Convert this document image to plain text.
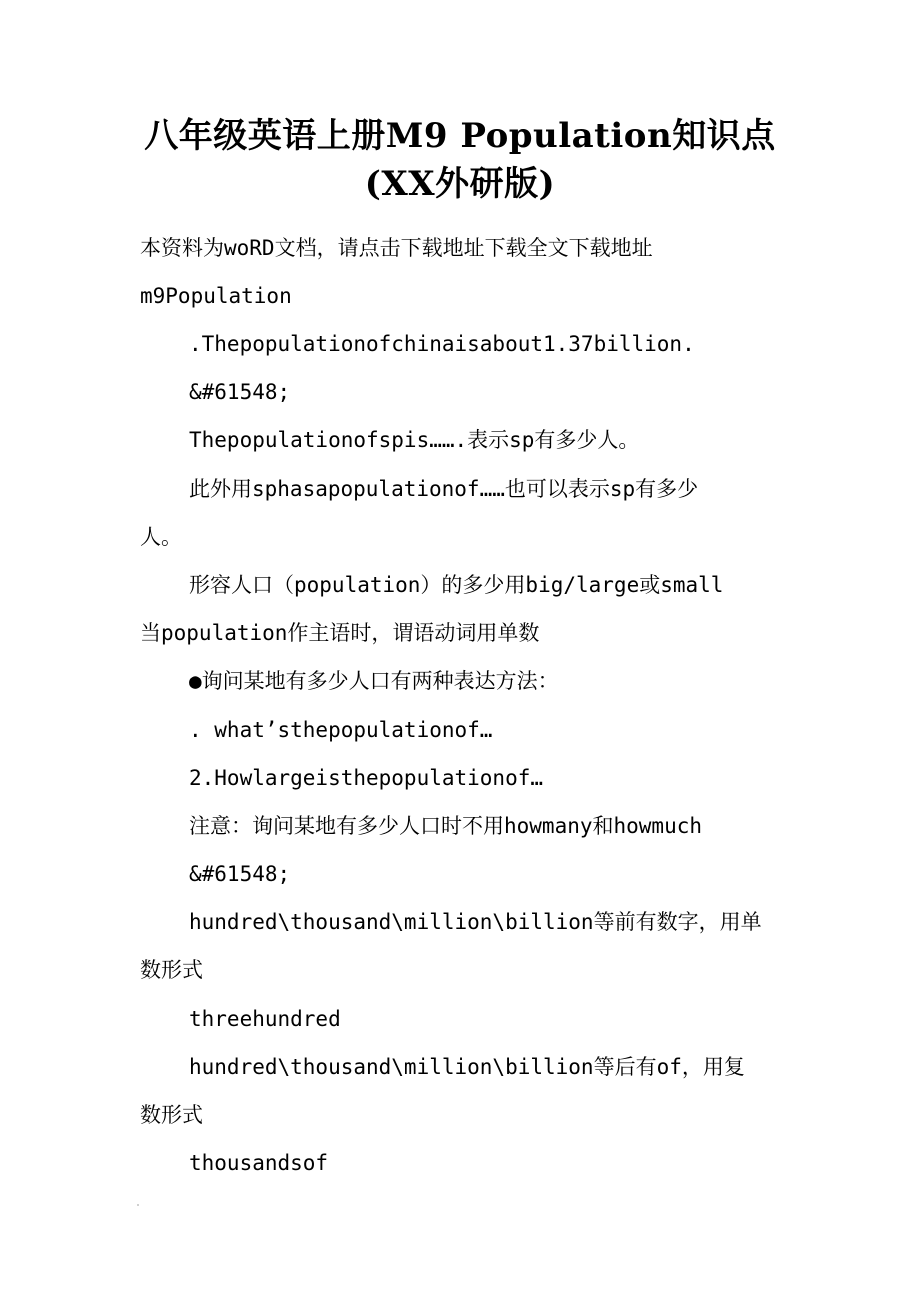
八年级英语上册M9 Population知识点
(XX外研版)
本资料为woRD文档，请点击下载地址下载全文下载地址
m9Population
.Thepopulationofchinaisabout1.37billion.
&#61548;
Thepopulationofspis…….表示sp有多少人。
此外用sphasapopulationof……也可以表示sp有多少
人。
形容人口（population）的多少用big/large或small
当population作主语时，谓语动词用单数
●询问某地有多少人口有两种表达方法：
. what’sthepopulationof…
2.Howlargeisthepopulationof…
注意：询问某地有多少人口时不用howmany和howmuch
&#61548;
hundred\thousand\million\billion等前有数字，用单
数形式
threehundred
hundred\thousand\million\billion等后有of，用复
数形式
thousandsof
